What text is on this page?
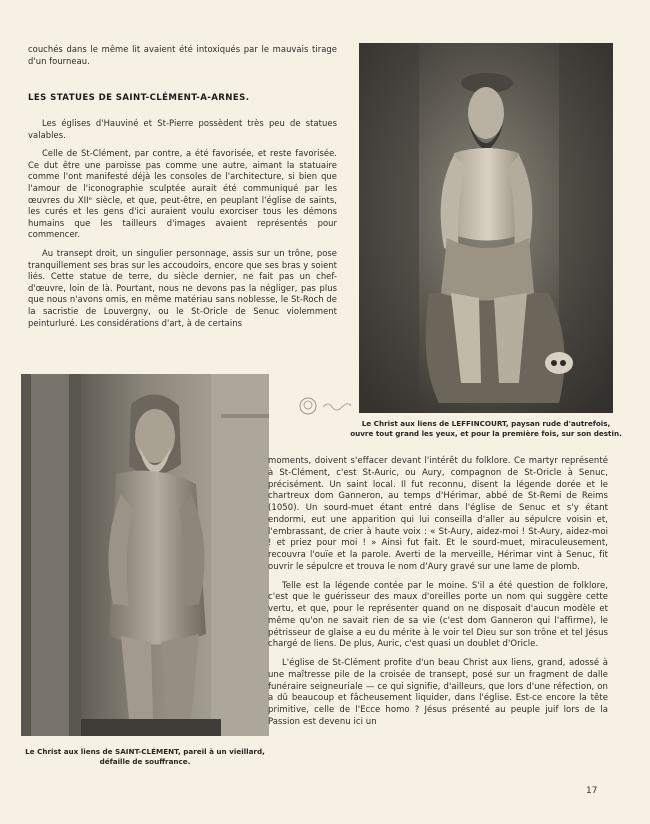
couchés dans le même lit avaient été intoxiqués par le mauvais tirage d'un fourneau.

LES STATUES DE SAINT-CLÉMENT-A-ARNES.

Les églises d'Hauviné et St-Pierre possèdent très peu de statues valables.

Celle de St-Clément, par contre, a été favorisée, et reste favorisée. Ce dut être une paroisse pas comme une autre, aimant la statuaire comme l'ont manifesté déjà les consoles de l'architecture, si bien que l'amour de l'iconographie sculptée aurait été communiqué par les œuvres du XIIᵉ siècle, et que, peut-être, en peuplant l'église de saints, les curés et les gens d'ici auraient voulu exorciser tous les démons humains que les tailleurs d'images avaient représentés pour commencer.

Au transept droit, un singulier personnage, assis sur un trône, pose tranquillement ses bras sur les accoudoirs, encore que ses bras y soient liés. Cette statue de terre, du siècle dernier, ne fait pas un chef-d'œuvre, loin de là. Pourtant, nous ne devons pas la négliger, pas plus que nous n'avons omis, en même matériau sans noblesse, le St-Roch de la sacristie de Louvergny, ou le St-Oricle de Senuc violemment peinturluré. Les considérations d'art, à de certains

Le Christ aux liens de LEFFINCOURT, paysan rude d'autrefois,
ouvre tout grand les yeux, et pour la première fois, sur son destin.
Le Christ aux liens de SAINT-CLÉMENT, pareil à un vieillard,
défaille de souffrance.

moments, doivent s'effacer devant l'intérêt du folklore. Ce martyr représenté à St-Clément, c'est St-Auric, ou Aury, compagnon de St-Oricle à Senuc, précisément. Un saint local. Il fut reconnu, disent la légende dorée et le chartreux dom Ganneron, au temps d'Hérimar, abbé de St-Remi de Reims (1050). Un sourd-muet étant entré dans l'église de Senuc et s'y étant endormi, eut une apparition qui lui conseilla d'aller au sépulcre voisin et, l'embrassant, de crier à haute voix : « St-Aury, aidez-moi ! St-Aury, aidez-moi ! et priez pour moi ! » Ainsi fut fait. Et le sourd-muet, miraculeusement, recouvra l'ouïe et la parole. Averti de la merveille, Hérimar vint à Senuc, fit ouvrir le sépulcre et trouva le nom d'Aury gravé sur une lame de plomb.

Telle est la légende contée par le moine. S'il a été question de folklore, c'est que le guérisseur des maux d'oreilles porte un nom qui suggère cette vertu, et que, pour le représenter quand on ne disposait d'aucun modèle et même qu'on ne savait rien de sa vie (c'est dom Ganneron qui l'affirme), le pétrisseur de glaise a eu du mérite à le voir tel Dieu sur son trône et tel Jésus chargé de liens. De plus, Auric, c'est quasi un doublet d'Oricle.

L'église de St-Clément profite d'un beau Christ aux liens, grand, adossé à une maîtresse pile de la croisée de transept, posé sur un fragment de dalle funéraire seigneuriale — ce qui signifie, d'ailleurs, que lors d'une réfection, on a dû beaucoup et fâcheusement liquider, dans l'église. Est-ce encore la tête primitive, celle de l'Ecce homo ? Jésus présenté au peuple juif lors de la Passion est devenu ici un

17
